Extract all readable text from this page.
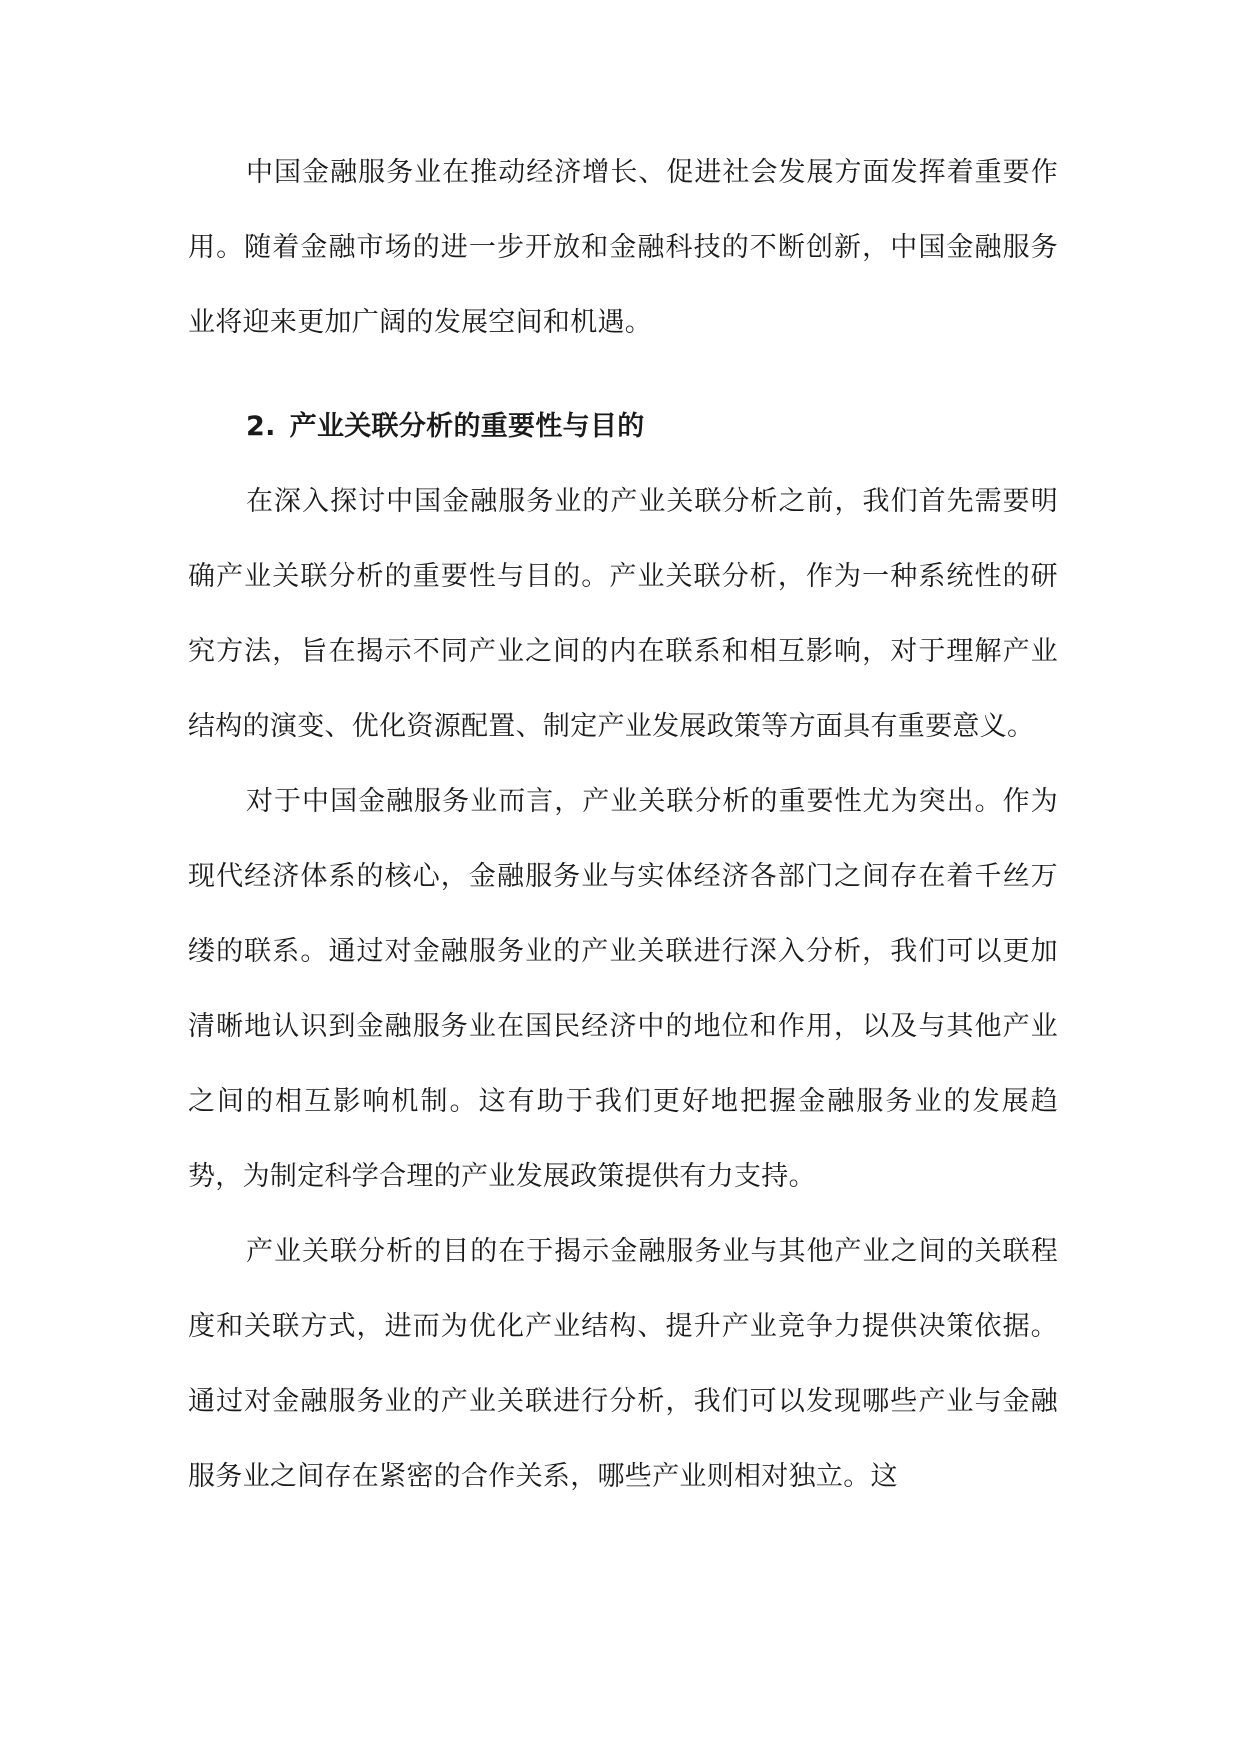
中国金融服务业在推动经济增长、促进社会发展方面发挥着重要作用。随着金融市场的进一步开放和金融科技的不断创新，中国金融服务业将迎来更加广阔的发展空间和机遇。

2. 产业关联分析的重要性与目的

在深入探讨中国金融服务业的产业关联分析之前，我们首先需要明确产业关联分析的重要性与目的。产业关联分析，作为一种系统性的研究方法，旨在揭示不同产业之间的内在联系和相互影响，对于理解产业结构的演变、优化资源配置、制定产业发展政策等方面具有重要意义。

对于中国金融服务业而言，产业关联分析的重要性尤为突出。作为现代经济体系的核心，金融服务业与实体经济各部门之间存在着千丝万缕的联系。通过对金融服务业的产业关联进行深入分析，我们可以更加清晰地认识到金融服务业在国民经济中的地位和作用，以及与其他产业之间的相互影响机制。这有助于我们更好地把握金融服务业的发展趋势，为制定科学合理的产业发展政策提供有力支持。

产业关联分析的目的在于揭示金融服务业与其他产业之间的关联程度和关联方式，进而为优化产业结构、提升产业竞争力提供决策依据。通过对金融服务业的产业关联进行分析，我们可以发现哪些产业与金融服务业之间存在紧密的合作关系，哪些产业则相对独立。这
